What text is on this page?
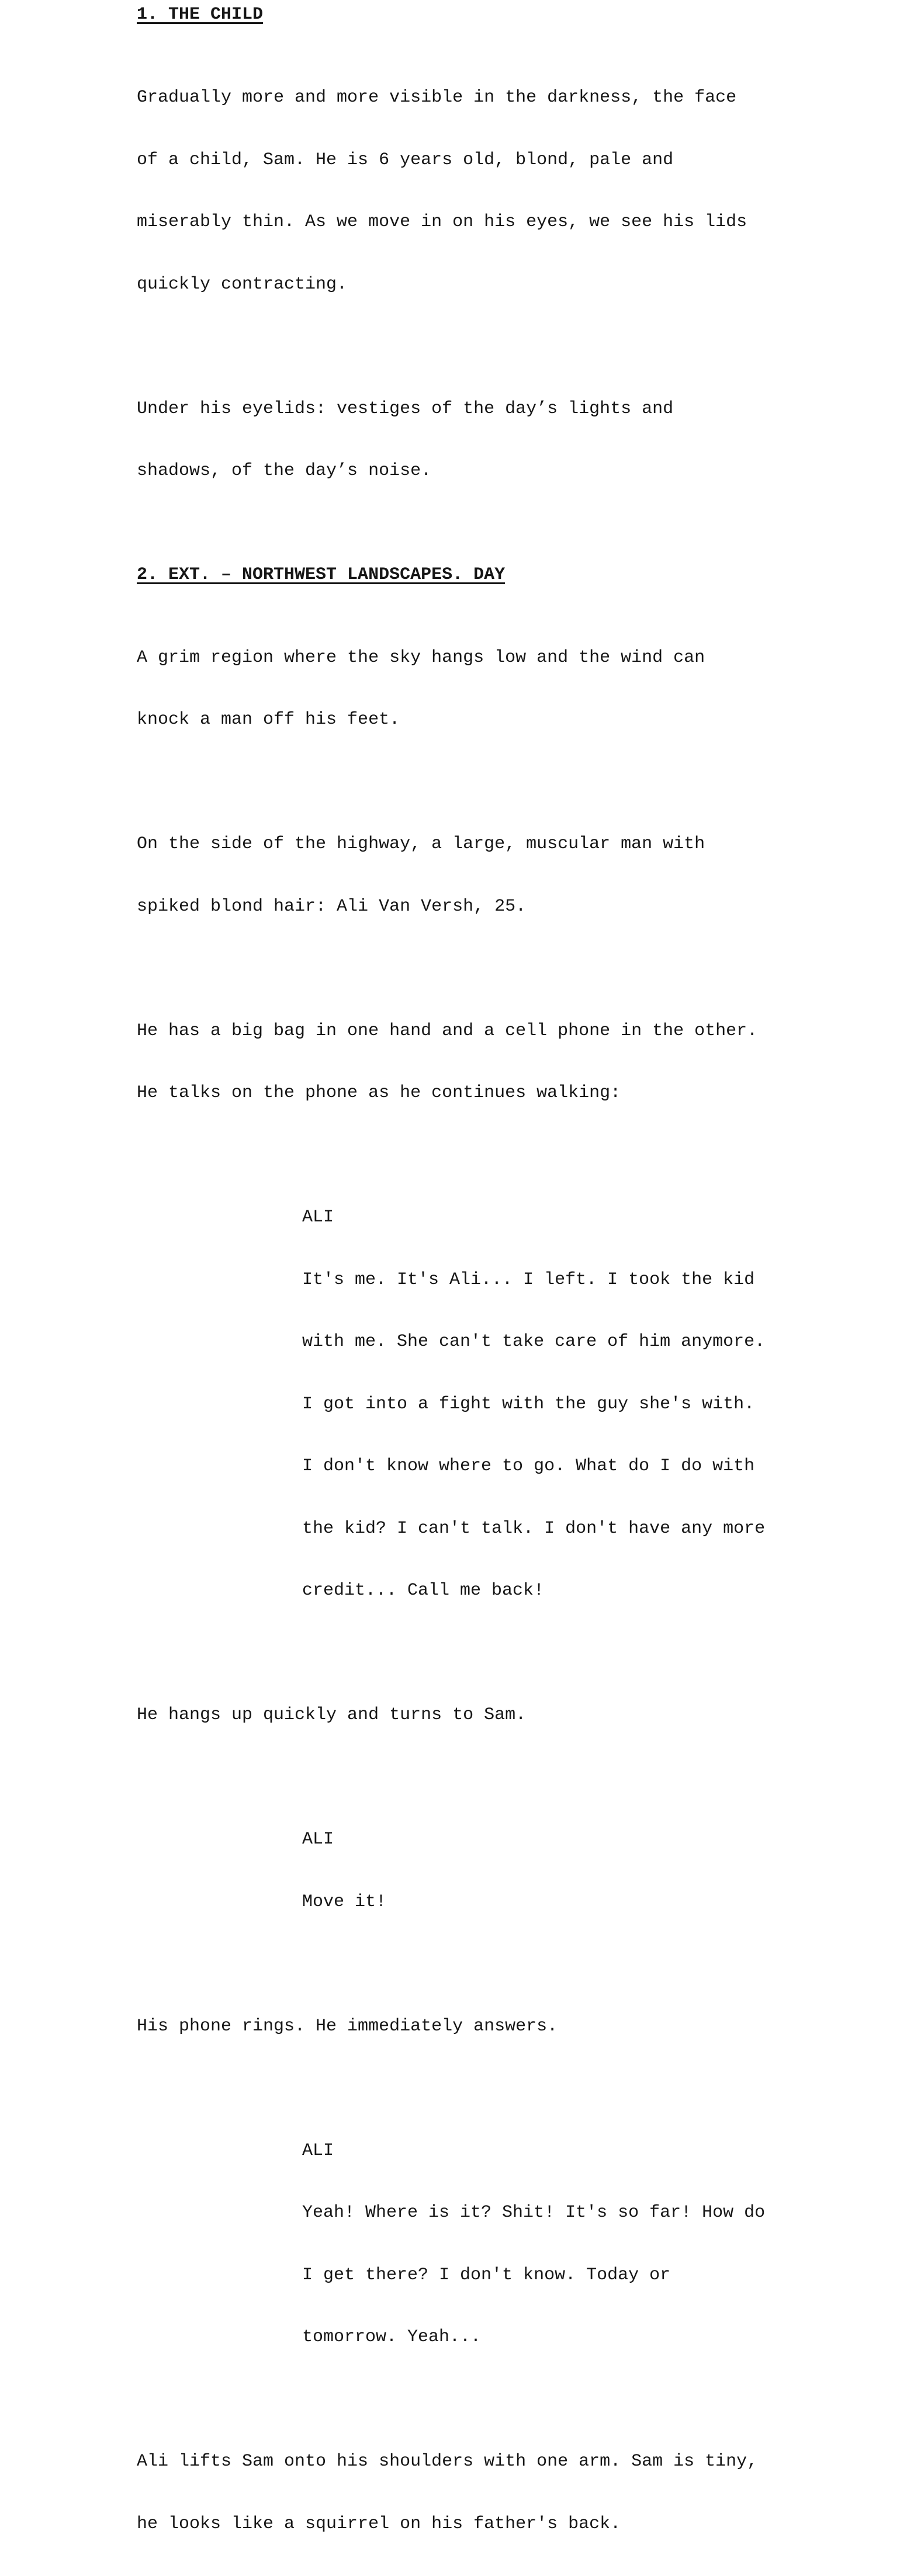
1. THE CHILD

Gradually more and more visible in the darkness, the face

of a child, Sam. He is 6 years old, blond, pale and

miserably thin. As we move in on his eyes, we see his lids

quickly contracting.

Under his eyelids: vestiges of the day’s lights and

shadows, of the day’s noise.

2. EXT. – NORTHWEST LANDSCAPES. DAY

A grim region where the sky hangs low and the wind can

knock a man off his feet.

On the side of the highway, a large, muscular man with

spiked blond hair: Ali Van Versh, 25.

He has a big bag in one hand and a cell phone in the other.

He talks on the phone as he continues walking:

ALI

It's me. It's Ali... I left. I took the kid

with me. She can't take care of him anymore.

I got into a fight with the guy she's with.

I don't know where to go. What do I do with

the kid? I can't talk. I don't have any more

credit... Call me back!

He hangs up quickly and turns to Sam.

ALI

Move it!

His phone rings. He immediately answers.

ALI

Yeah! Where is it? Shit! It's so far! How do

I get there? I don't know. Today or

tomorrow. Yeah...

Ali lifts Sam onto his shoulders with one arm. Sam is tiny,

he looks like a squirrel on his father's back.
